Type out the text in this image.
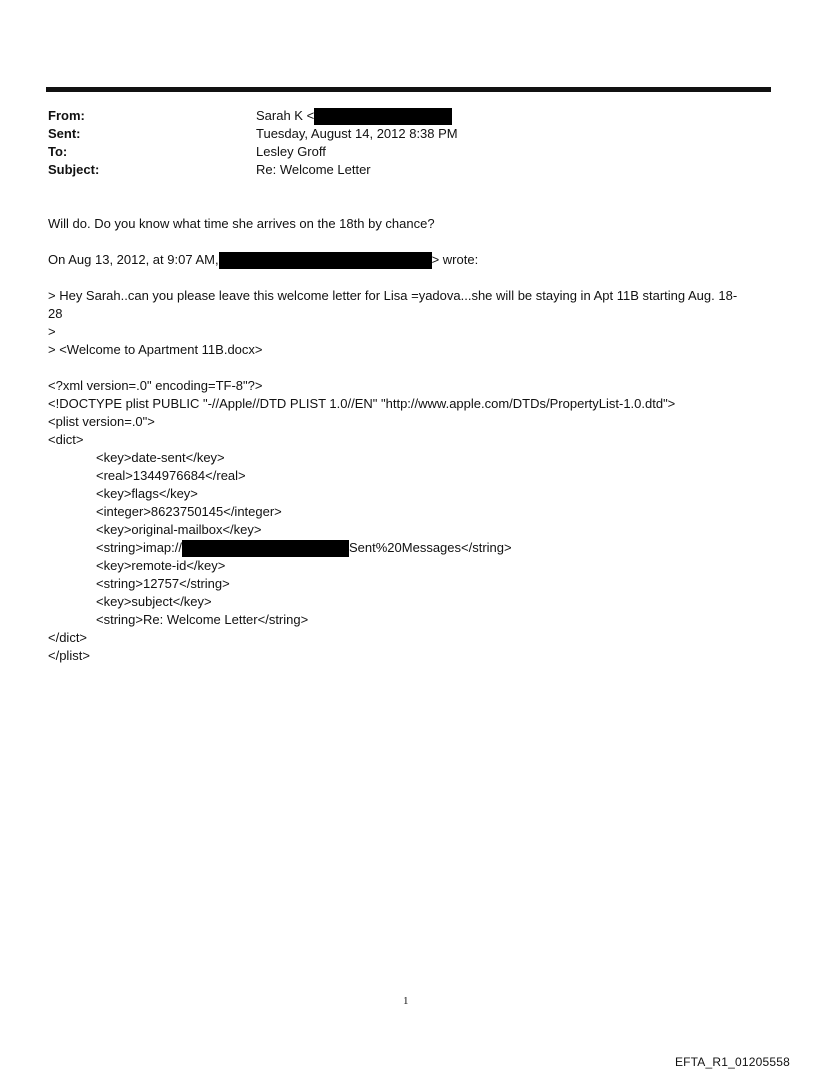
From:	Sarah K <
Sent:	Tuesday, August 14, 2012 8:38 PM
To:	Lesley Groff
Subject:	Re: Welcome Letter
Will do. Do you know what time she arrives on the 18th by chance?
On Aug 13, 2012, at 9:07 AM,	> wrote:
> Hey Sarah..can you please leave this welcome letter for Lisa =yadova...she will be staying in Apt 11B starting Aug. 18-
28
>
> <Welcome to Apartment 11B.docx>
<?xml version=.0" encoding=TF-8"?>
<!DOCTYPE plist PUBLIC "-//Apple//DTD PLIST 1.0//EN" "http://www.apple.com/DTDs/PropertyList-1.0.dtd">
<plist version=.0">
<dict>
<key>date-sent</key>
<real>1344976684</real>
<key>flags</key>
<integer>8623750145</integer>
<key>original-mailbox</key>
<string>imap://	Sent%20Messages</string>
<key>remote-id</key>
<string>12757</string>
<key>subject</key>
<string>Re: Welcome Letter</string>
</dict>
</plist>
1
EFTA_R1_01205558
